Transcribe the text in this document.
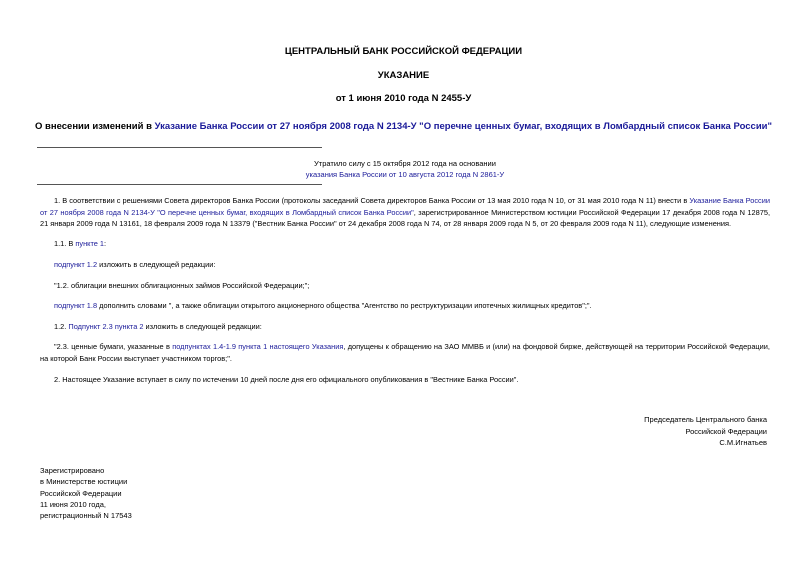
ЦЕНТРАЛЬНЫЙ БАНК РОССИЙСКОЙ ФЕДЕРАЦИИ
УКАЗАНИЕ
от 1 июня 2010 года N 2455-У
О внесении изменений в Указание Банка России от 27 ноября 2008 года N 2134-У "О перечне ценных бумаг, входящих в Ломбардный список Банка России"
Утратило силу с 15 октября 2012 года на основании
указания Банка России от 10 августа 2012 года N 2861-У

1. В соответствии с решениями Совета директоров Банка России (протоколы заседаний Совета директоров Банка России от 13 мая 2010 года N 10, от 31 мая 2010 года N 11) внести в Указание Банка России от 27 ноября 2008 года N 2134-У "О перечне ценных бумаг, входящих в Ломбардный список Банка России", зарегистрированное Министерством юстиции Российской Федерации 17 декабря 2008 года N 12875, 21 января 2009 года N 13161, 18 февраля 2009 года N 13379 ("Вестник Банка России" от 24 декабря 2008 года N 74, от 28 января 2009 года N 5, от 20 февраля 2009 года N 11), следующие изменения.

1.1. В пункте 1:

подпункт 1.2 изложить в следующей редакции:

"1.2. облигации внешних облигационных займов Российской Федерации;";

подпункт 1.8 дополнить словами ", а также облигации открытого акционерного общества "Агентство по реструктуризации ипотечных жилищных кредитов";".

1.2. Подпункт 2.3 пункта 2 изложить в следующей редакции:

"2.3. ценные бумаги, указанные в подпунктах 1.4-1.9 пункта 1 настоящего Указания, допущены к обращению на ЗАО ММВБ и (или) на фондовой бирже, действующей на территории Российской Федерации, на которой Банк России выступает участником торгов;".

2. Настоящее Указание вступает в силу по истечении 10 дней после дня его официального опубликования в "Вестнике Банка России".

Председатель Центрального банка
Российской Федерации
С.М.Игнатьев
Зарегистрировано
в Министерстве юстиции
Российской Федерации
11 июня 2010 года,
регистрационный N 17543
